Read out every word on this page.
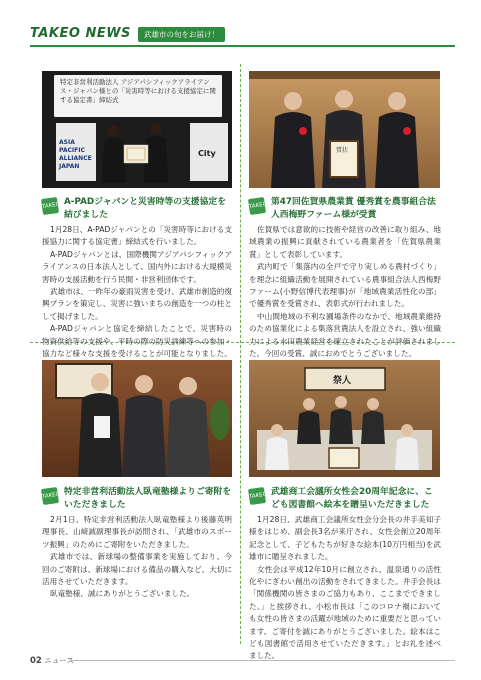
TAKEO NEWS	武雄市の旬をお届け！
特定非営利活動法人 アジアパシフィックアライアンス・ジャパン様との「災害時等における支援協定に関する協定書」締結式
ASIA PACIFIC ALLIANCE JAPAN
City
TAKEO NEWS
A-PADジャパンと災害時等の支援協定を結びました

1月28日、A-PADジャパンとの「災害時等における支援協力に関する協定書」締結式を行いました。

A-PADジャパンとは、国際機関アジアパシフィックアライアンスの日本法人として、国内外における大規模災害時の支援活動を行う民間・非営利団体です。

武雄市は、一昨年の豪雨災害を受け、武雄市創造的復興プランを策定し、災害に強いまちの創造を一つの柱として掲げました。

A-PADジャパンと協定を締結したことで、災害時の物資供給等の支援や、平時の際の防災訓練等への参加・協力など様々な支援を受けることが可能となりました。

賞状
TAKEO NEWS
第47回佐賀県農業賞 優秀賞を農事組合法人西梅野ファーム様が受賞

佐賀県では意欲的に技術や経営の改善に取り組み、地域農業の振興に貢献されている農業者を「佐賀県農業賞」として表彰しています。

武内町で「集落内の全戸で守り実しめる農村づくり」を理念に組織活動を展開されている農事組合法人西梅野ファーム(小野信博代表理事)が「地域農業活性化の部」で優秀賞を受賞され、表彰式が行われました。

中山間地域の不利な圃場条件のなかで、地域農業維持のため協業化による集落営農法人を設立され、強い組織力による水田農業経営を確立されたことが評価されました。今回の受賞、誠におめでとうございました。

TAKEO NEWS
特定非営利活動法人臥竜塾様よりご寄附をいただきました

2月1日、特定非営利活動法人臥竜塾様より後藤英明理事長、山﨑誠副理事長が訪問され、「武雄市のスポーツ振興」のためにご寄附をいただきました。

武雄市では、新球場の整備事業を実施しており、今回のご寄附は、新球場における備品の購入など、大切に活用させていただきます。

臥竜塾様、誠にありがとうございました。

祭人
TAKEO NEWS
武雄商工会議所女性会20周年記念に、こども図書館へ絵本を贈呈いただきました

1月28日、武雄商工会議所女性会分会長の井手美知子様をはじめ、副会長3名が来庁され、女性会創立20周年記念として、子どもたちが好きな絵本(10万円相当)を武雄市に贈呈されました。

女性会は平成12年10月に創立され、温泉通りの活性化やにぎわい創出の活動をされてきました。井手会長は「関係機関の皆さまのご協力もあり、ここまでできました。」と挨拶され、小松市長は「このコロナ禍においても女性の皆さまの活躍が地域のために重要だと思っています。ご寄付を誠にありがとうございました。絵本はこども図書館で活用させていただきます。」とお礼を述べました。

02 ニュース
